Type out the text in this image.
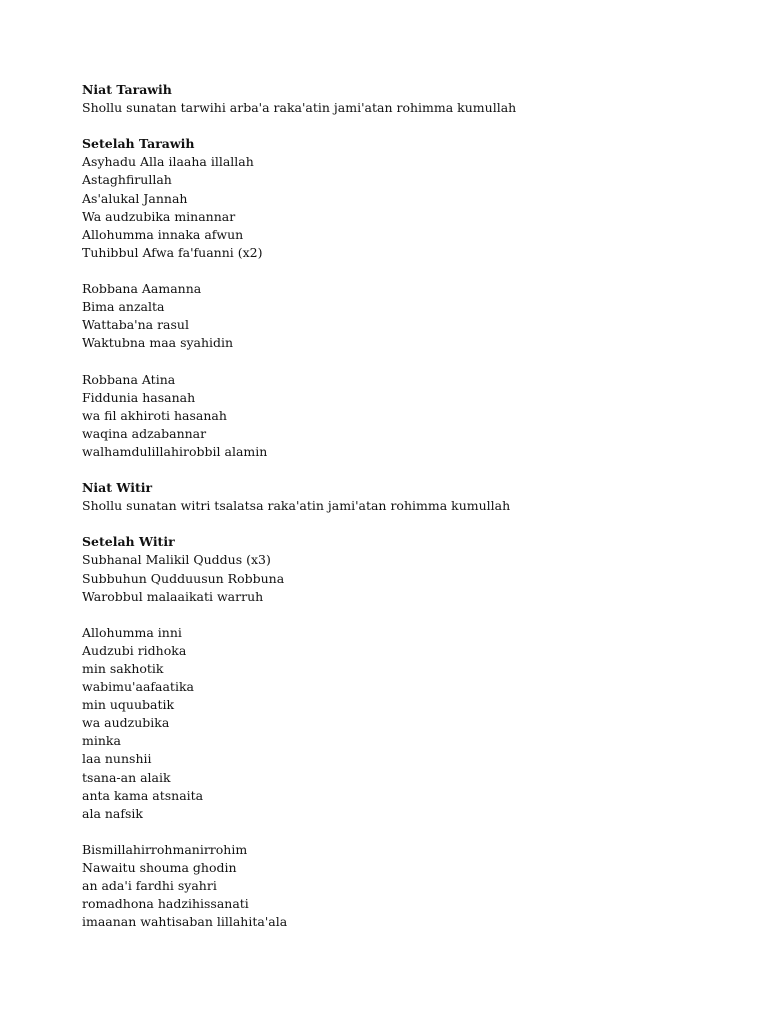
Niat Tarawih
Shollu sunatan tarwihi arba'a raka'atin jami'atan rohimma kumullah
Setelah Tarawih
Asyhadu Alla ilaaha illallah
Astaghfirullah
As'alukal Jannah
Wa audzubika minannar
Allohumma innaka afwun
Tuhibbul Afwa fa'fuanni (x2)
Robbana Aamanna
Bima anzalta
Wattaba'na rasul
Waktubna maa syahidin
Robbana Atina
Fiddunia hasanah
wa fil akhiroti hasanah
waqina adzabannar
walhamdulillahirobbil alamin
Niat Witir
Shollu sunatan witri tsalatsa raka'atin jami'atan rohimma kumullah
Setelah Witir
Subhanal Malikil Quddus (x3)
Subbuhun Qudduusun Robbuna
Warobbul malaaikati warruh
Allohumma inni
Audzubi ridhoka
min sakhotik
wabimu'aafaatika
min uquubatik
wa audzubika
minka
laa nunshii
tsana-an alaik
anta kama atsnaita
ala nafsik
Bismillahirrohmanirrohim
Nawaitu shouma ghodin
an ada'i fardhi syahri
romadhona hadzihissanati
imaanan wahtisaban lillahita'ala
